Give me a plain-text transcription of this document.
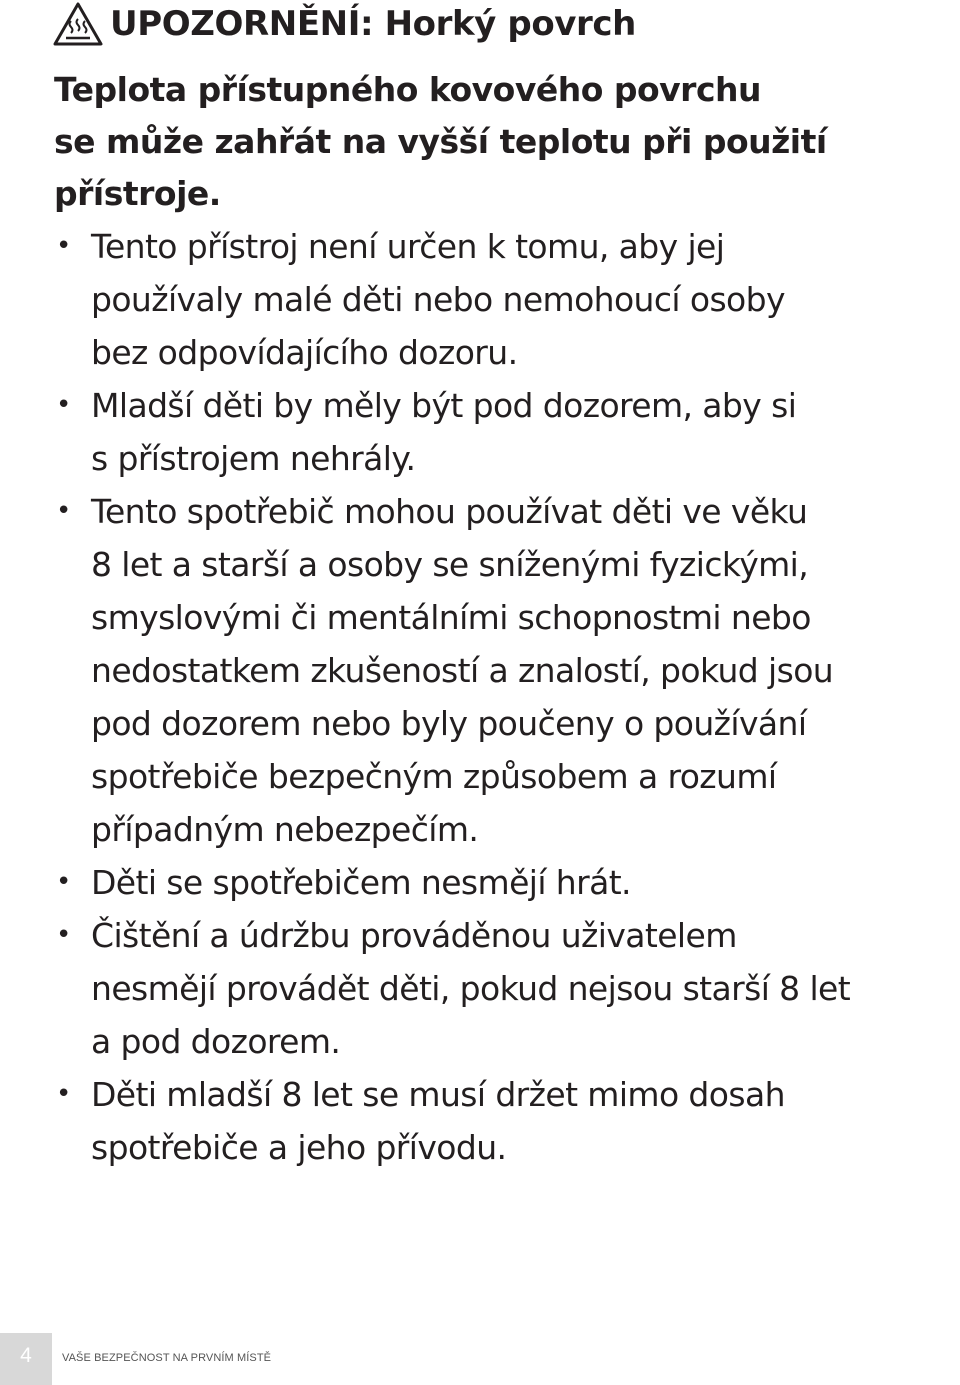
UPOZORNĚNÍ: Horký povrch
Teplota přístupného kovového povrchu
se může zahřát na vyšší teplotu při použití
přístroje.
• Tento přístroj není určen k tomu, aby jej
používaly malé děti nebo nemohoucí osoby
bez odpovídajícího dozoru.
• Mladší děti by měly být pod dozorem, aby si
s přístrojem nehrály.
• Tento spotřebič mohou používat děti ve věku
8 let a starší a osoby se sníženými fyzickými,
smyslovými či mentálními schopnostmi nebo
nedostatkem zkušeností a znalostí, pokud jsou
pod dozorem nebo byly poučeny o používání
spotřebiče bezpečným způsobem a rozumí
případným nebezpečím.
• Děti se spotřebičem nesmějí hrát.
• Čištění a údržbu prováděnou uživatelem
nesmějí provádět děti, pokud nejsou starší 8 let
a pod dozorem.
• Děti mladší 8 let se musí držet mimo dosah
spotřebiče a jeho přívodu.
4	VAŠE BEZPEČNOST NA PRVNÍM MÍSTĚ
